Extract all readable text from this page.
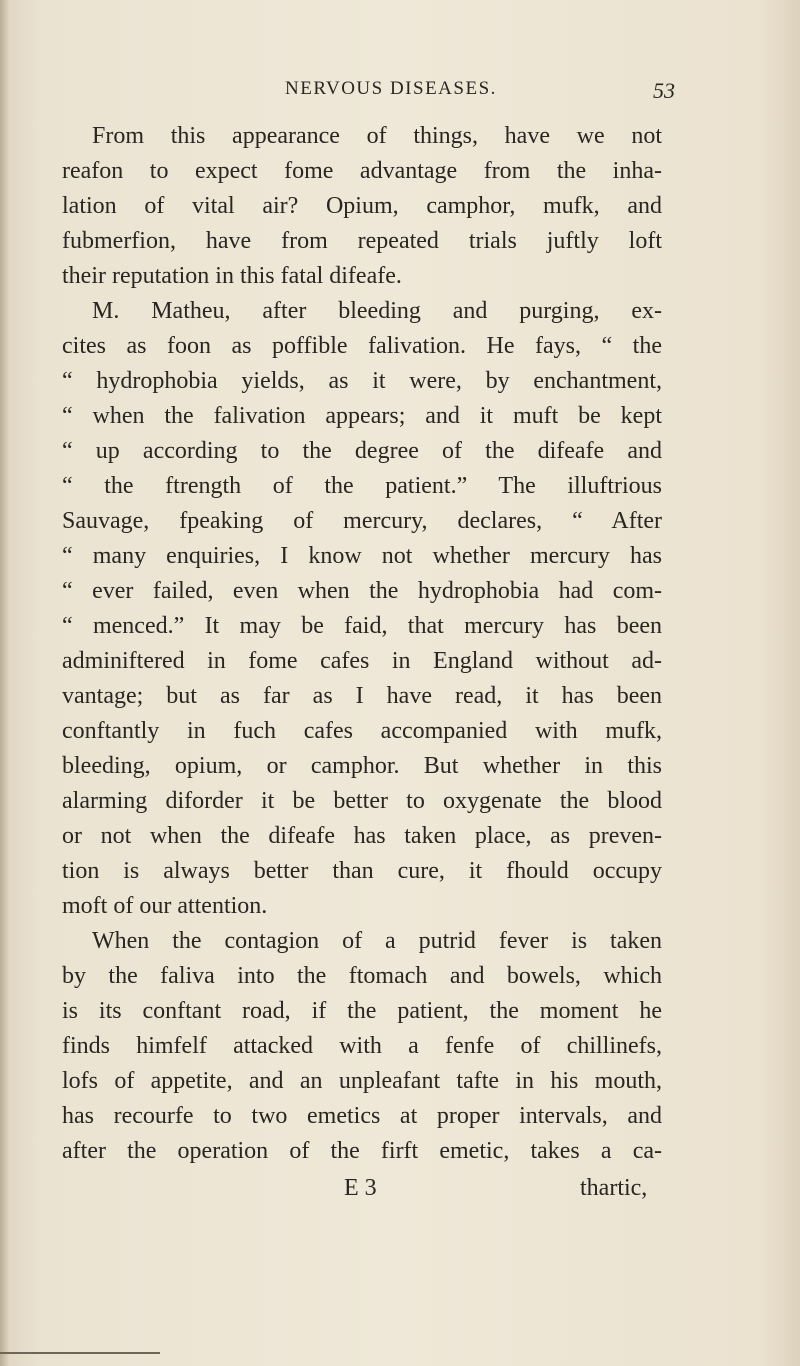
NERVOUS DISEASES.	53
From this appearance of things, have we not
reafon to expect fome advantage from the inha-
lation of vital air? Opium, camphor, mufk, and
fubmerfion, have from repeated trials juftly loft
their reputation in this fatal difeafe.
M. Matheu, after bleeding and purging, ex-
cites as foon as poffible falivation. He fays, “ the
“ hydrophobia yields, as it were, by enchantment,
“ when the falivation appears; and it muft be kept
“ up according to the degree of the difeafe and
“ the ftrength of the patient.” The illuftrious
Sauvage, fpeaking of mercury, declares, “ After
“ many enquiries, I know not whether mercury has
“ ever failed, even when the hydrophobia had com-
“ menced.” It may be faid, that mercury has been
adminiftered in fome cafes in England without ad-
vantage; but as far as I have read, it has been
conftantly in fuch cafes accompanied with mufk,
bleeding, opium, or camphor. But whether in this
alarming diforder it be better to oxygenate the blood
or not when the difeafe has taken place, as preven-
tion is always better than cure, it fhould occupy
moft of our attention.
When the contagion of a putrid fever is taken
by the faliva into the ftomach and bowels, which
is its conftant road, if the patient, the moment he
finds himfelf attacked with a fenfe of chillinefs,
lofs of appetite, and an unpleafant tafte in his mouth,
has recourfe to two emetics at proper intervals, and
after the operation of the firft emetic, takes a ca-
E 3	thartic,
